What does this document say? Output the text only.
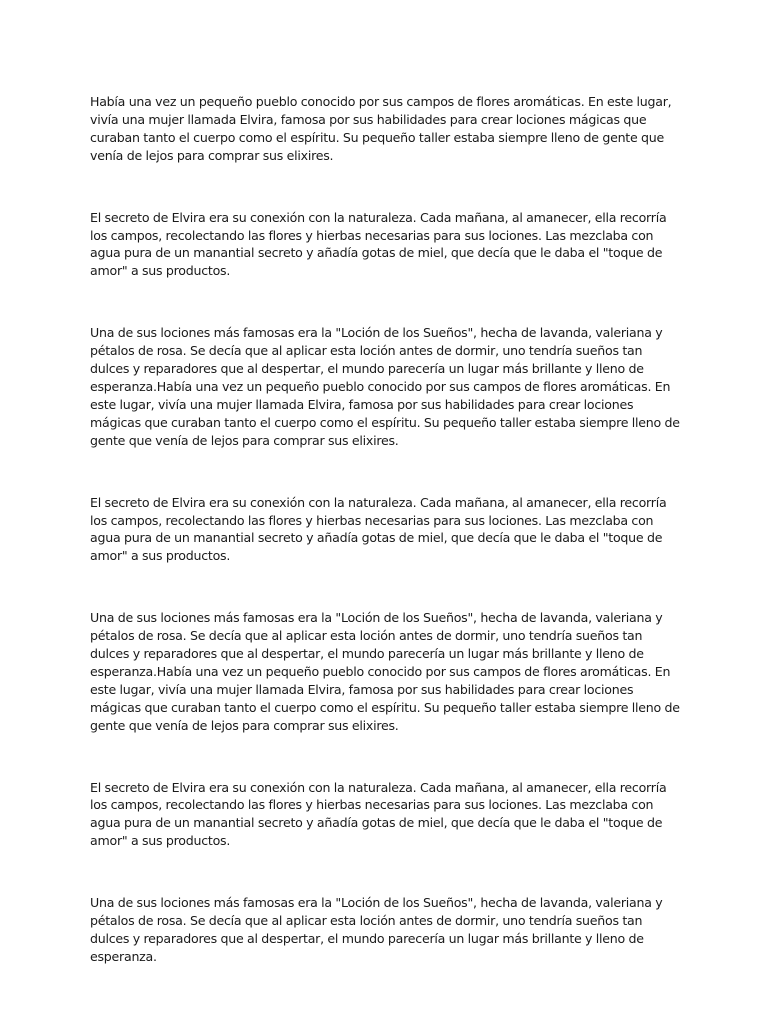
Había una vez un pequeño pueblo conocido por sus campos de flores aromáticas. En este lugar, vivía una mujer llamada Elvira, famosa por sus habilidades para crear lociones mágicas que curaban tanto el cuerpo como el espíritu. Su pequeño taller estaba siempre lleno de gente que venía de lejos para comprar sus elixires.

El secreto de Elvira era su conexión con la naturaleza. Cada mañana, al amanecer, ella recorría los campos, recolectando las flores y hierbas necesarias para sus lociones. Las mezclaba con agua pura de un manantial secreto y añadía gotas de miel, que decía que le daba el "toque de amor" a sus productos.

Una de sus lociones más famosas era la "Loción de los Sueños", hecha de lavanda, valeriana y pétalos de rosa. Se decía que al aplicar esta loción antes de dormir, uno tendría sueños tan dulces y reparadores que al despertar, el mundo parecería un lugar más brillante y lleno de esperanza.Había una vez un pequeño pueblo conocido por sus campos de flores aromáticas. En este lugar, vivía una mujer llamada Elvira, famosa por sus habilidades para crear lociones mágicas que curaban tanto el cuerpo como el espíritu. Su pequeño taller estaba siempre lleno de gente que venía de lejos para comprar sus elixires.

El secreto de Elvira era su conexión con la naturaleza. Cada mañana, al amanecer, ella recorría los campos, recolectando las flores y hierbas necesarias para sus lociones. Las mezclaba con agua pura de un manantial secreto y añadía gotas de miel, que decía que le daba el "toque de amor" a sus productos.

Una de sus lociones más famosas era la "Loción de los Sueños", hecha de lavanda, valeriana y pétalos de rosa. Se decía que al aplicar esta loción antes de dormir, uno tendría sueños tan dulces y reparadores que al despertar, el mundo parecería un lugar más brillante y lleno de esperanza.Había una vez un pequeño pueblo conocido por sus campos de flores aromáticas. En este lugar, vivía una mujer llamada Elvira, famosa por sus habilidades para crear lociones mágicas que curaban tanto el cuerpo como el espíritu. Su pequeño taller estaba siempre lleno de gente que venía de lejos para comprar sus elixires.

El secreto de Elvira era su conexión con la naturaleza. Cada mañana, al amanecer, ella recorría los campos, recolectando las flores y hierbas necesarias para sus lociones. Las mezclaba con agua pura de un manantial secreto y añadía gotas de miel, que decía que le daba el "toque de amor" a sus productos.

Una de sus lociones más famosas era la "Loción de los Sueños", hecha de lavanda, valeriana y pétalos de rosa. Se decía que al aplicar esta loción antes de dormir, uno tendría sueños tan dulces y reparadores que al despertar, el mundo parecería un lugar más brillante y lleno de esperanza.
